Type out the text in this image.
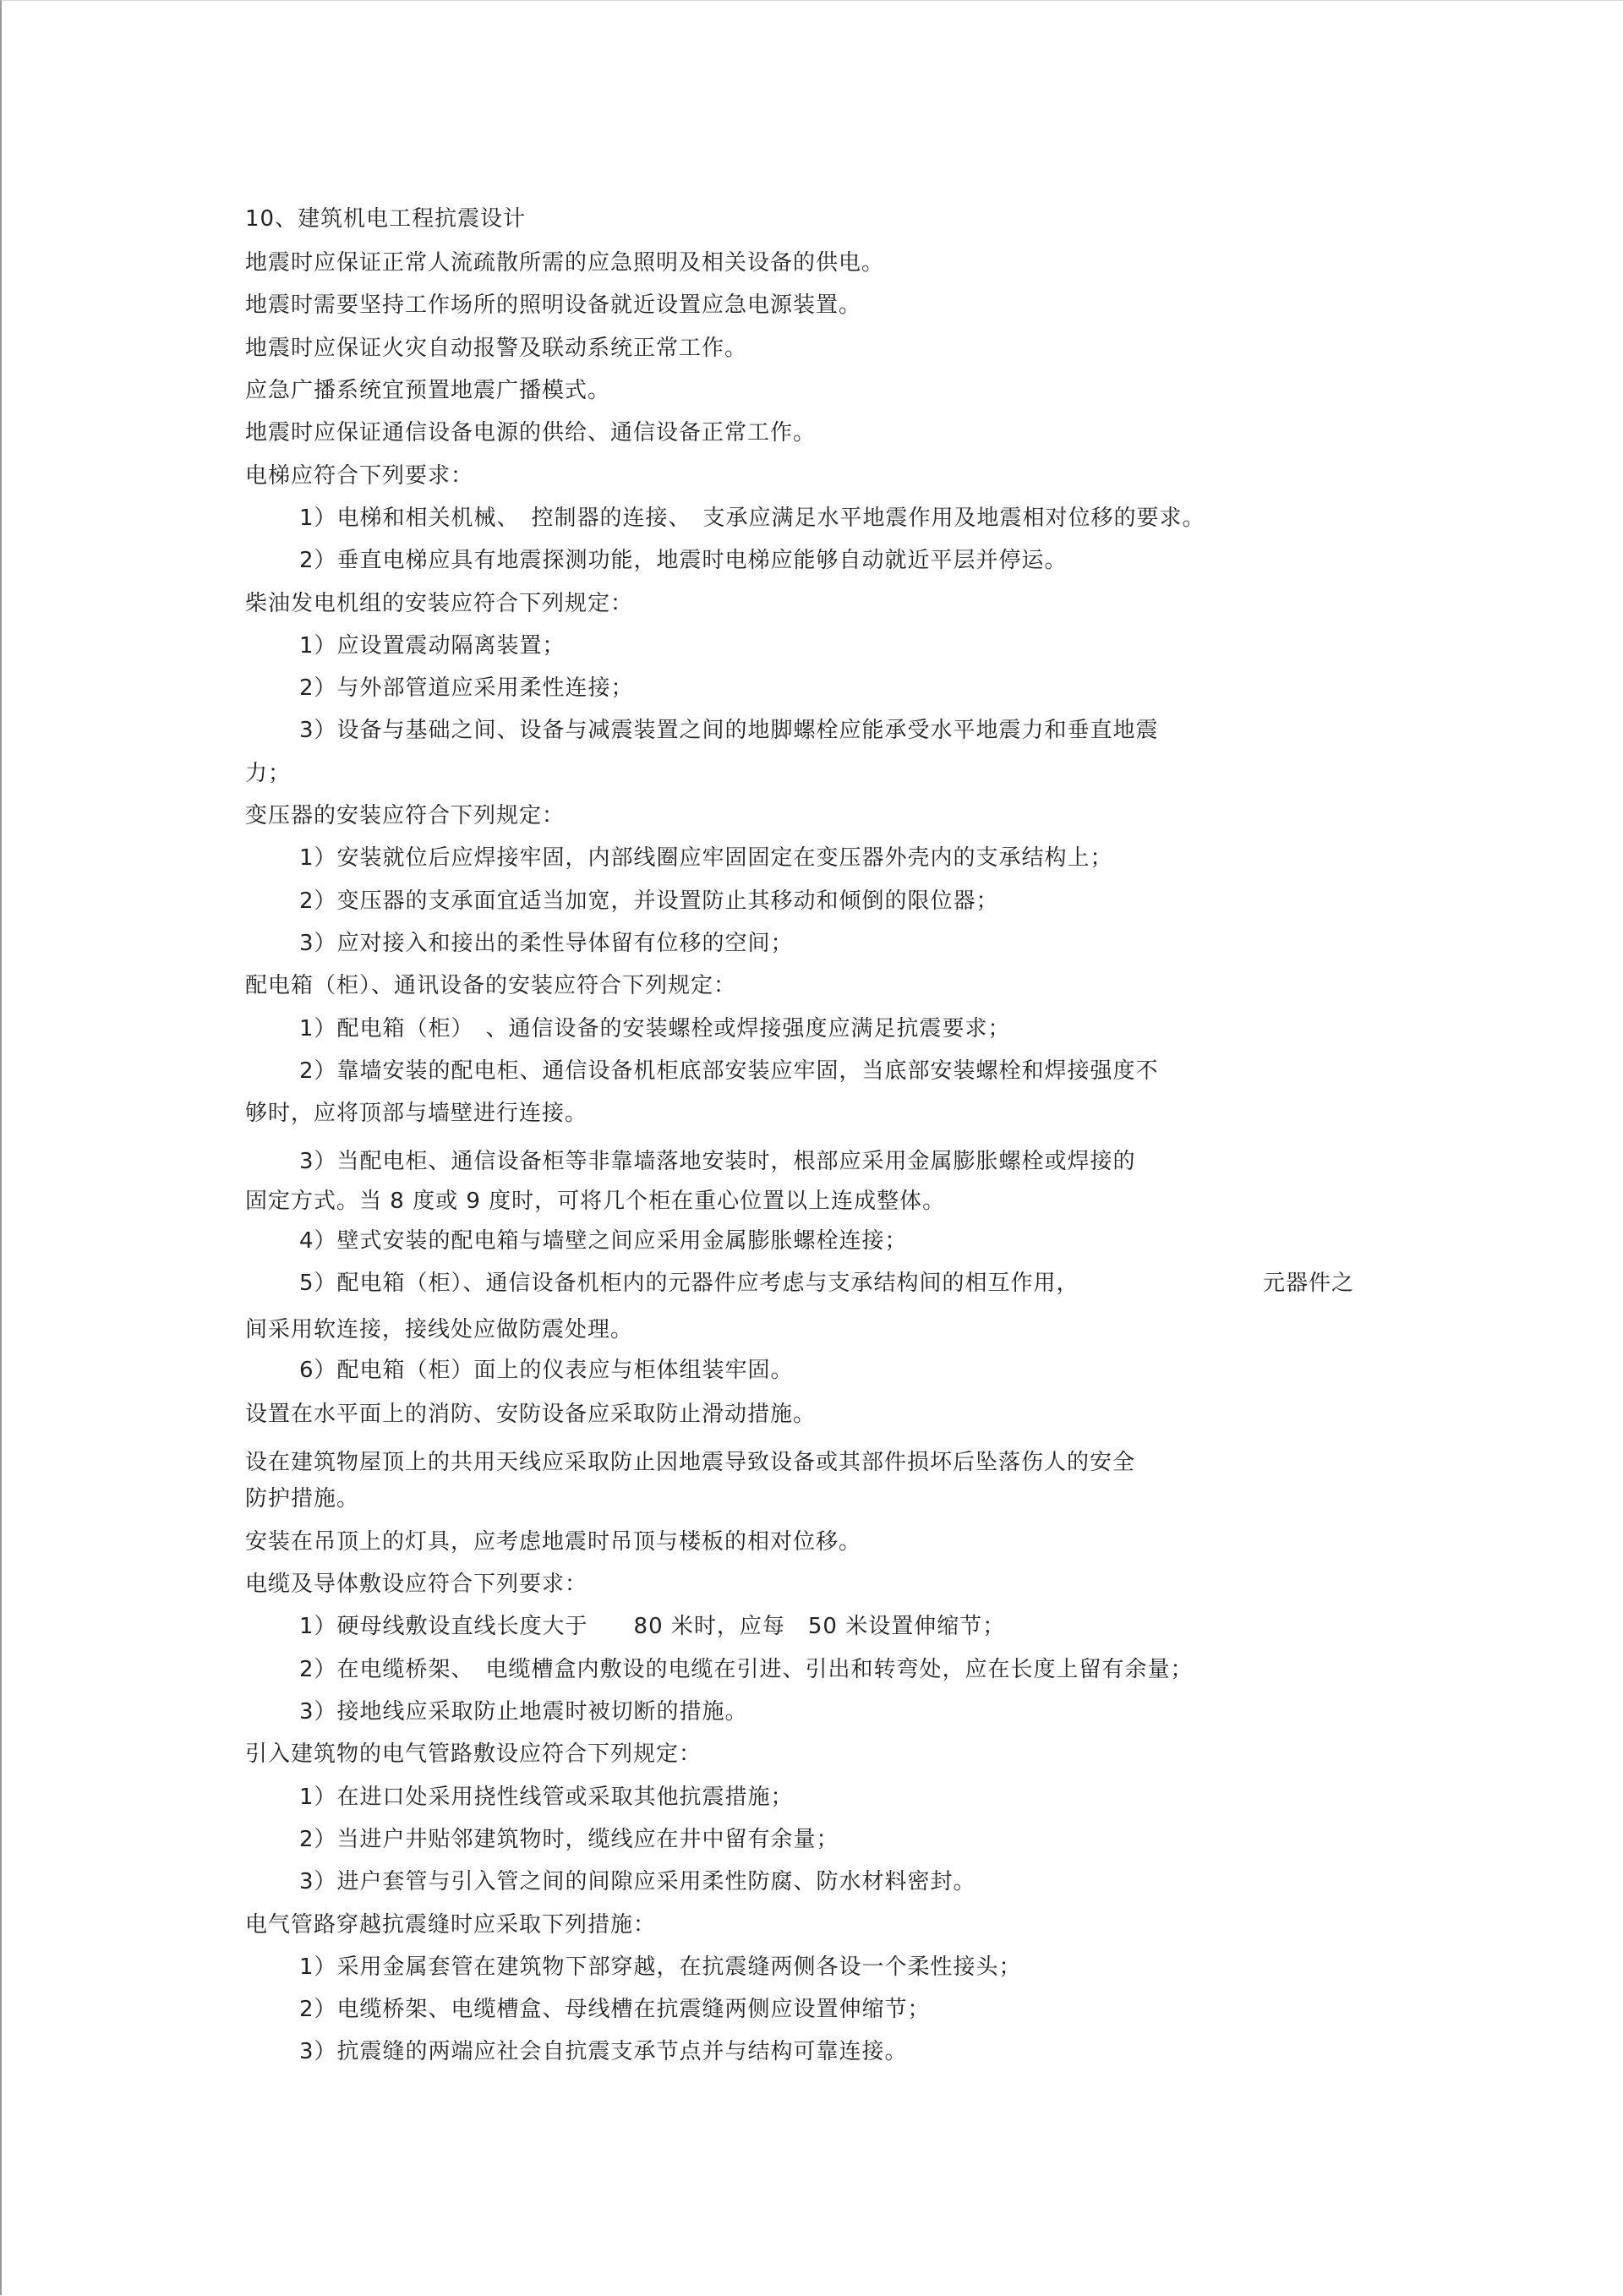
10、建筑机电工程抗震设计
地震时应保证正常人流疏散所需的应急照明及相关设备的供电。
地震时需要坚持工作场所的照明设备就近设置应急电源装置。
地震时应保证火灾自动报警及联动系统正常工作。
应急广播系统宜预置地震广播模式。
地震时应保证通信设备电源的供给、通信设备正常工作。
电梯应符合下列要求：
1）电梯和相关机械、　控制器的连接、　支承应满足水平地震作用及地震相对位移的要求。
2）垂直电梯应具有地震探测功能，地震时电梯应能够自动就近平层并停运。
柴油发电机组的安装应符合下列规定：
1）应设置震动隔离装置；
2）与外部管道应采用柔性连接；
3）设备与基础之间、设备与减震装置之间的地脚螺栓应能承受水平地震力和垂直地震
力；
变压器的安装应符合下列规定：
1）安装就位后应焊接牢固，内部线圈应牢固固定在变压器外壳内的支承结构上；
2）变压器的支承面宜适当加宽，并设置防止其移动和倾倒的限位器；
3）应对接入和接出的柔性导体留有位移的空间；
配电箱（柜）、通讯设备的安装应符合下列规定：
1）配电箱（柜）　、通信设备的安装螺栓或焊接强度应满足抗震要求；
2）靠墙安装的配电柜、通信设备机柜底部安装应牢固，当底部安装螺栓和焊接强度不
够时，应将顶部与墙壁进行连接。
3）当配电柜、通信设备柜等非靠墙落地安装时，根部应采用金属膨胀螺栓或焊接的
固定方式。当 8 度或 9 度时，可将几个柜在重心位置以上连成整体。
4）壁式安装的配电箱与墙壁之间应采用金属膨胀螺栓连接；
5）配电箱（柜）、通信设备机柜内的元器件应考虑与支承结构间的相互作用，	元器件之
间采用软连接，接线处应做防震处理。
6）配电箱（柜）面上的仪表应与柜体组装牢固。
设置在水平面上的消防、安防设备应采取防止滑动措施。
设在建筑物屋顶上的共用天线应采取防止因地震导致设备或其部件损坏后坠落伤人的安全
防护措施。
安装在吊顶上的灯具，应考虑地震时吊顶与楼板的相对位移。
电缆及导体敷设应符合下列要求：
1）硬母线敷设直线长度大于　　80 米时，应每　50 米设置伸缩节；
2）在电缆桥架、　电缆槽盒内敷设的电缆在引进、引出和转弯处，应在长度上留有余量；
3）接地线应采取防止地震时被切断的措施。
引入建筑物的电气管路敷设应符合下列规定：
1）在进口处采用挠性线管或采取其他抗震措施；
2）当进户井贴邻建筑物时，缆线应在井中留有余量；
3）进户套管与引入管之间的间隙应采用柔性防腐、防水材料密封。
电气管路穿越抗震缝时应采取下列措施：
1）采用金属套管在建筑物下部穿越，在抗震缝两侧各设一个柔性接头；
2）电缆桥架、电缆槽盒、母线槽在抗震缝两侧应设置伸缩节；
3）抗震缝的两端应社会自抗震支承节点并与结构可靠连接。
